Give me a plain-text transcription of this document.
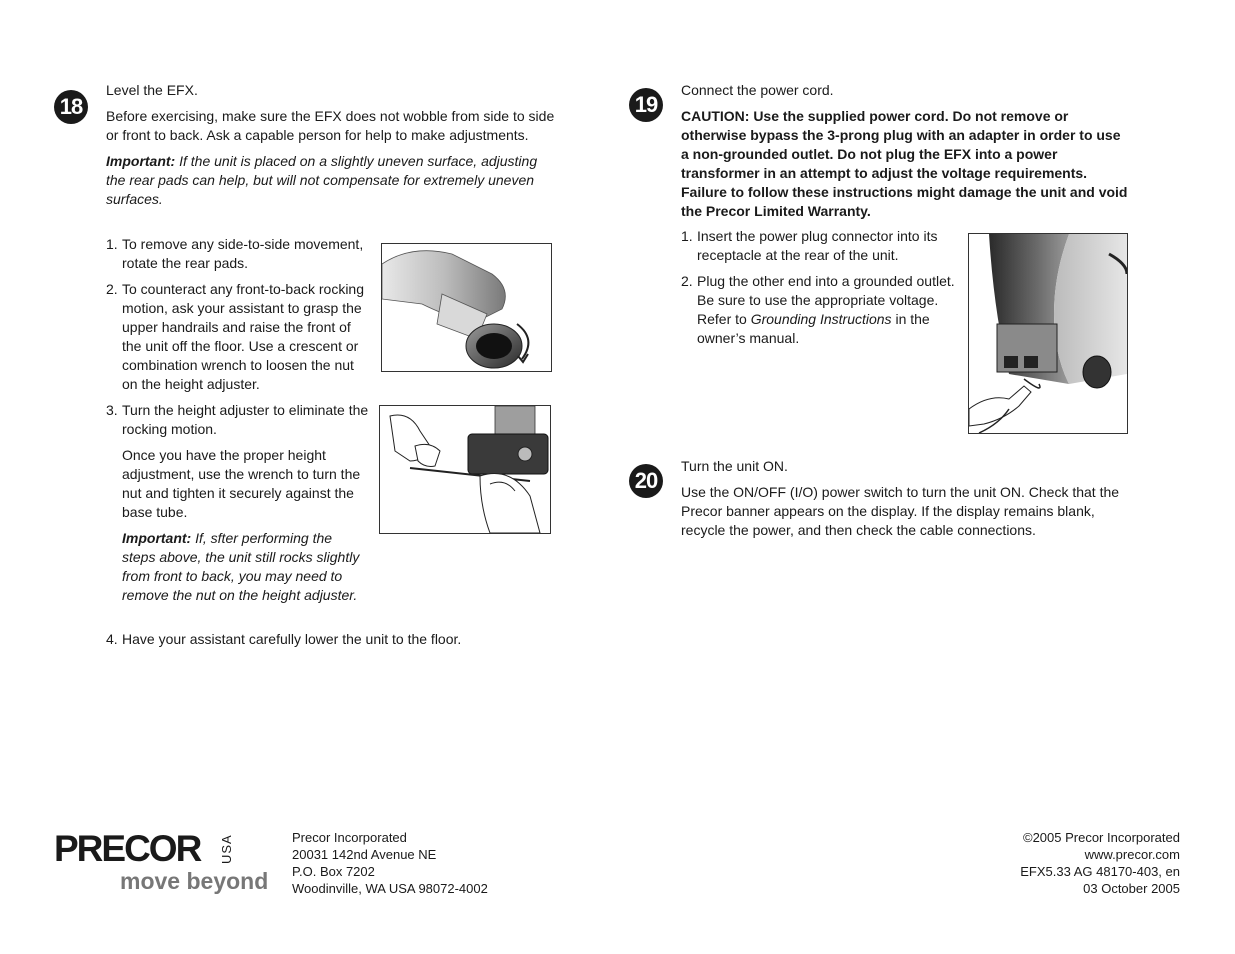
18

Level the EFX.

Before exercising, make sure the EFX does not wobble from side to side or front to back. Ask a capable person for help to make adjustments.

Important: If the unit is placed on a slightly uneven surface, adjusting the rear pads can help, but will not compensate for extremely uneven surfaces.

1. To remove any side-to-side movement, rotate the rear pads.
2. To counteract any front-to-back rocking motion, ask your assistant to grasp the upper handrails and raise the front of the unit off the floor. Use a crescent or combination wrench to loosen the nut on the height adjuster.
3. Turn the height adjuster to eliminate the rocking motion.

Once you have the proper height adjustment, use the wrench to turn the nut and tighten it securely against the base tube.

Important: If, sfter performing the steps above, the unit still rocks slightly from front to back, you may need to remove the nut on the height adjuster.

4. Have your assistant carefully lower the unit to the floor.
19

Connect the power cord.

CAUTION: Use the supplied power cord. Do not remove or otherwise bypass the 3-prong plug with an adapter in order to use a non-grounded outlet. Do not plug the EFX into a power transformer in an attempt to adjust the voltage requirements. Failure to follow these instructions might damage the unit and void the Precor Limited Warranty.

1. Insert the power plug connector into its receptacle at the rear of the unit.
2. Plug the other end into a grounded outlet. Be sure to use the appropriate voltage. Refer to Grounding Instructions in the owner’s manual.
20

Turn the unit ON.

Use the ON/OFF (I/O) power switch to turn the unit ON. Check that the Precor banner appears on the display. If the display remains blank, recycle the power, and then check the cable connections.

PRECOR USA
move beyond
Precor Incorporated
20031 142nd Avenue NE
P.O. Box 7202
Woodinville, WA USA 98072-4002
©2005 Precor Incorporated
www.precor.com
EFX5.33 AG 48170-403, en
03 October 2005
